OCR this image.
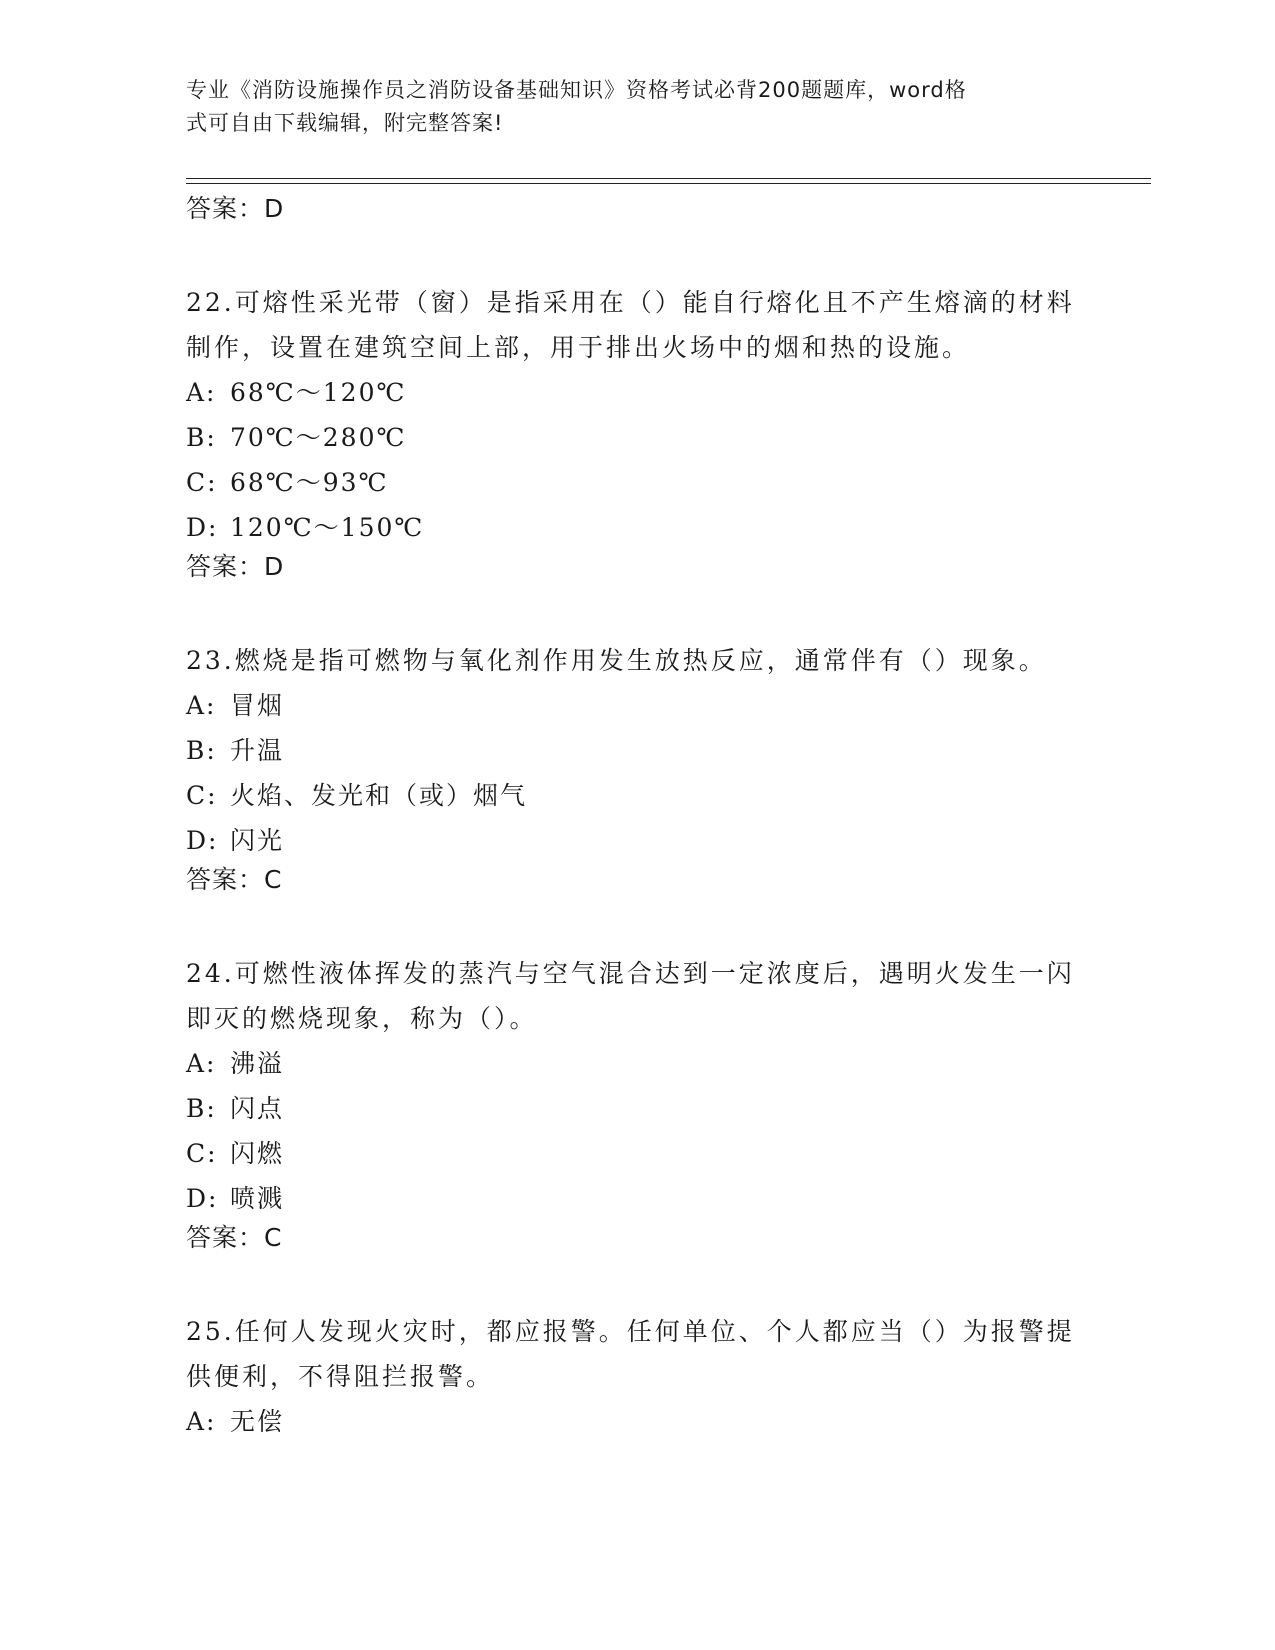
专业《消防设施操作员之消防设备基础知识》资格考试必背200题题库，word格
式可自由下载编辑，附完整答案!
答案：D

22.可熔性采光带（窗）是指采用在（）能自行熔化且不产生熔滴的材料制作，设置在建筑空间上部，用于排出火场中的烟和热的设施。

A: 68℃～120℃
B: 70℃～280℃
C: 68℃～93℃
D: 120℃～150℃
答案：D

23.燃烧是指可燃物与氧化剂作用发生放热反应，通常伴有（）现象。

A: 冒烟
B: 升温
C: 火焰、发光和（或）烟气
D: 闪光
答案：C

24.可燃性液体挥发的蒸汽与空气混合达到一定浓度后，遇明火发生一闪即灭的燃烧现象，称为（）。

A: 沸溢
B: 闪点
C: 闪燃
D: 喷溅
答案：C

25.任何人发现火灾时，都应报警。任何单位、个人都应当（）为报警提供便利，不得阻拦报警。

A: 无偿
